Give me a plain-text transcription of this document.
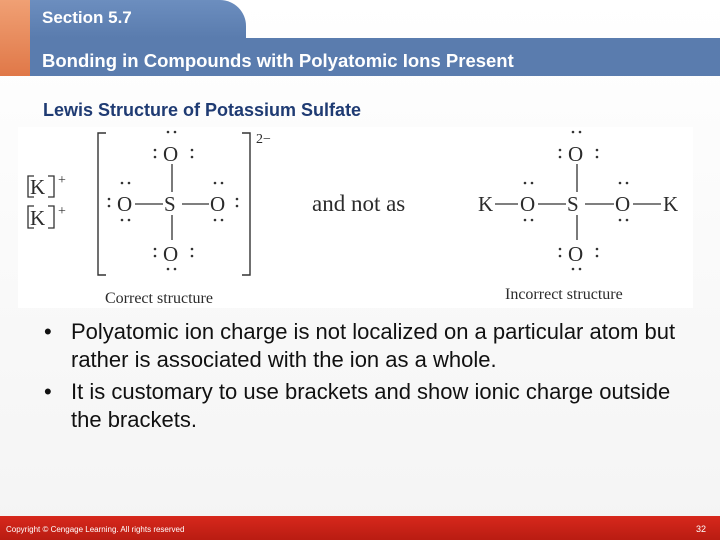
Section 5.7
Bonding in Compounds with Polyatomic Ions Present
Lewis Structure of Potassium Sulfate
K +
K +
2−
O
S
O	O
O
Correct structure
and not as	K O S O K
O
O
Incorrect structure
• Polyatomic ion charge is not localized on a particular atom but rather is associated with the ion as a whole.
• It is customary to use brackets and show ionic charge outside the brackets.
Copyright © Cengage Learning. All rights reserved	32
